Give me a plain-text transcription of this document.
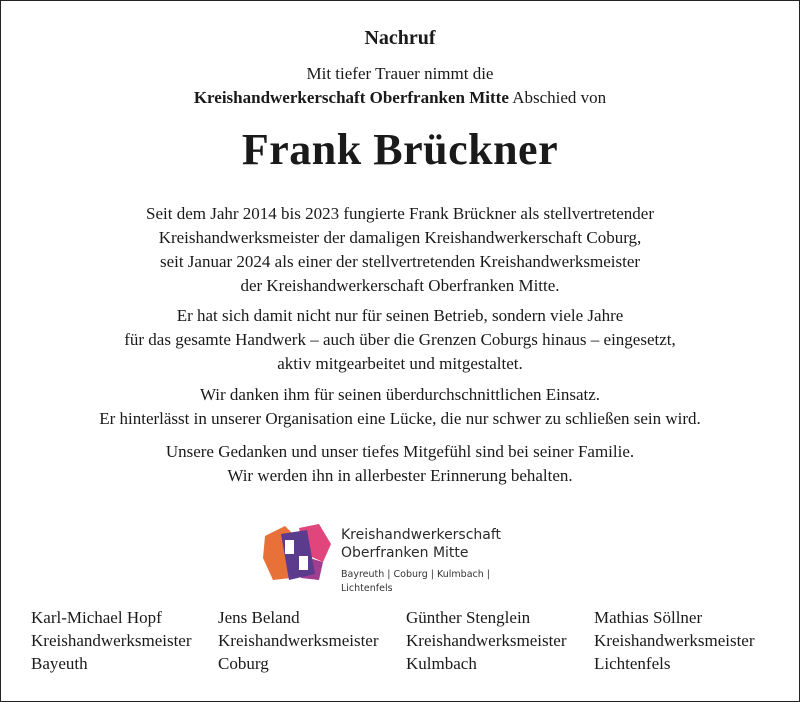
Nachruf
Mit tiefer Trauer nimmt die
Kreishandwerkerschaft Oberfranken Mitte Abschied von
Frank Brückner
Seit dem Jahr 2014 bis 2023 fungierte Frank Brückner als stellvertretender
Kreishandwerksmeister der damaligen Kreishandwerkerschaft Coburg,
seit Januar 2024 als einer der stellvertretenden Kreishandwerksmeister
der Kreishandwerkerschaft Oberfranken Mitte.
Er hat sich damit nicht nur für seinen Betrieb, sondern viele Jahre
für das gesamte Handwerk – auch über die Grenzen Coburgs hinaus – eingesetzt,
aktiv mitgearbeitet und mitgestaltet.
Wir danken ihm für seinen überdurchschnittlichen Einsatz.
Er hinterlässt in unserer Organisation eine Lücke, die nur schwer zu schließen sein wird.
Unsere Gedanken und unser tiefes Mitgefühl sind bei seiner Familie.
Wir werden ihn in allerbester Erinnerung behalten.
Kreishandwerkerschaft
Oberfranken Mitte
Bayreuth | Coburg | Kulmbach | Lichtenfels
Karl-Michael Hopf
Kreishandwerksmeister
Bayeuth
Jens Beland
Kreishandwerksmeister
Coburg
Günther Stenglein
Kreishandwerksmeister
Kulmbach
Mathias Söllner
Kreishandwerksmeister
Lichtenfels
